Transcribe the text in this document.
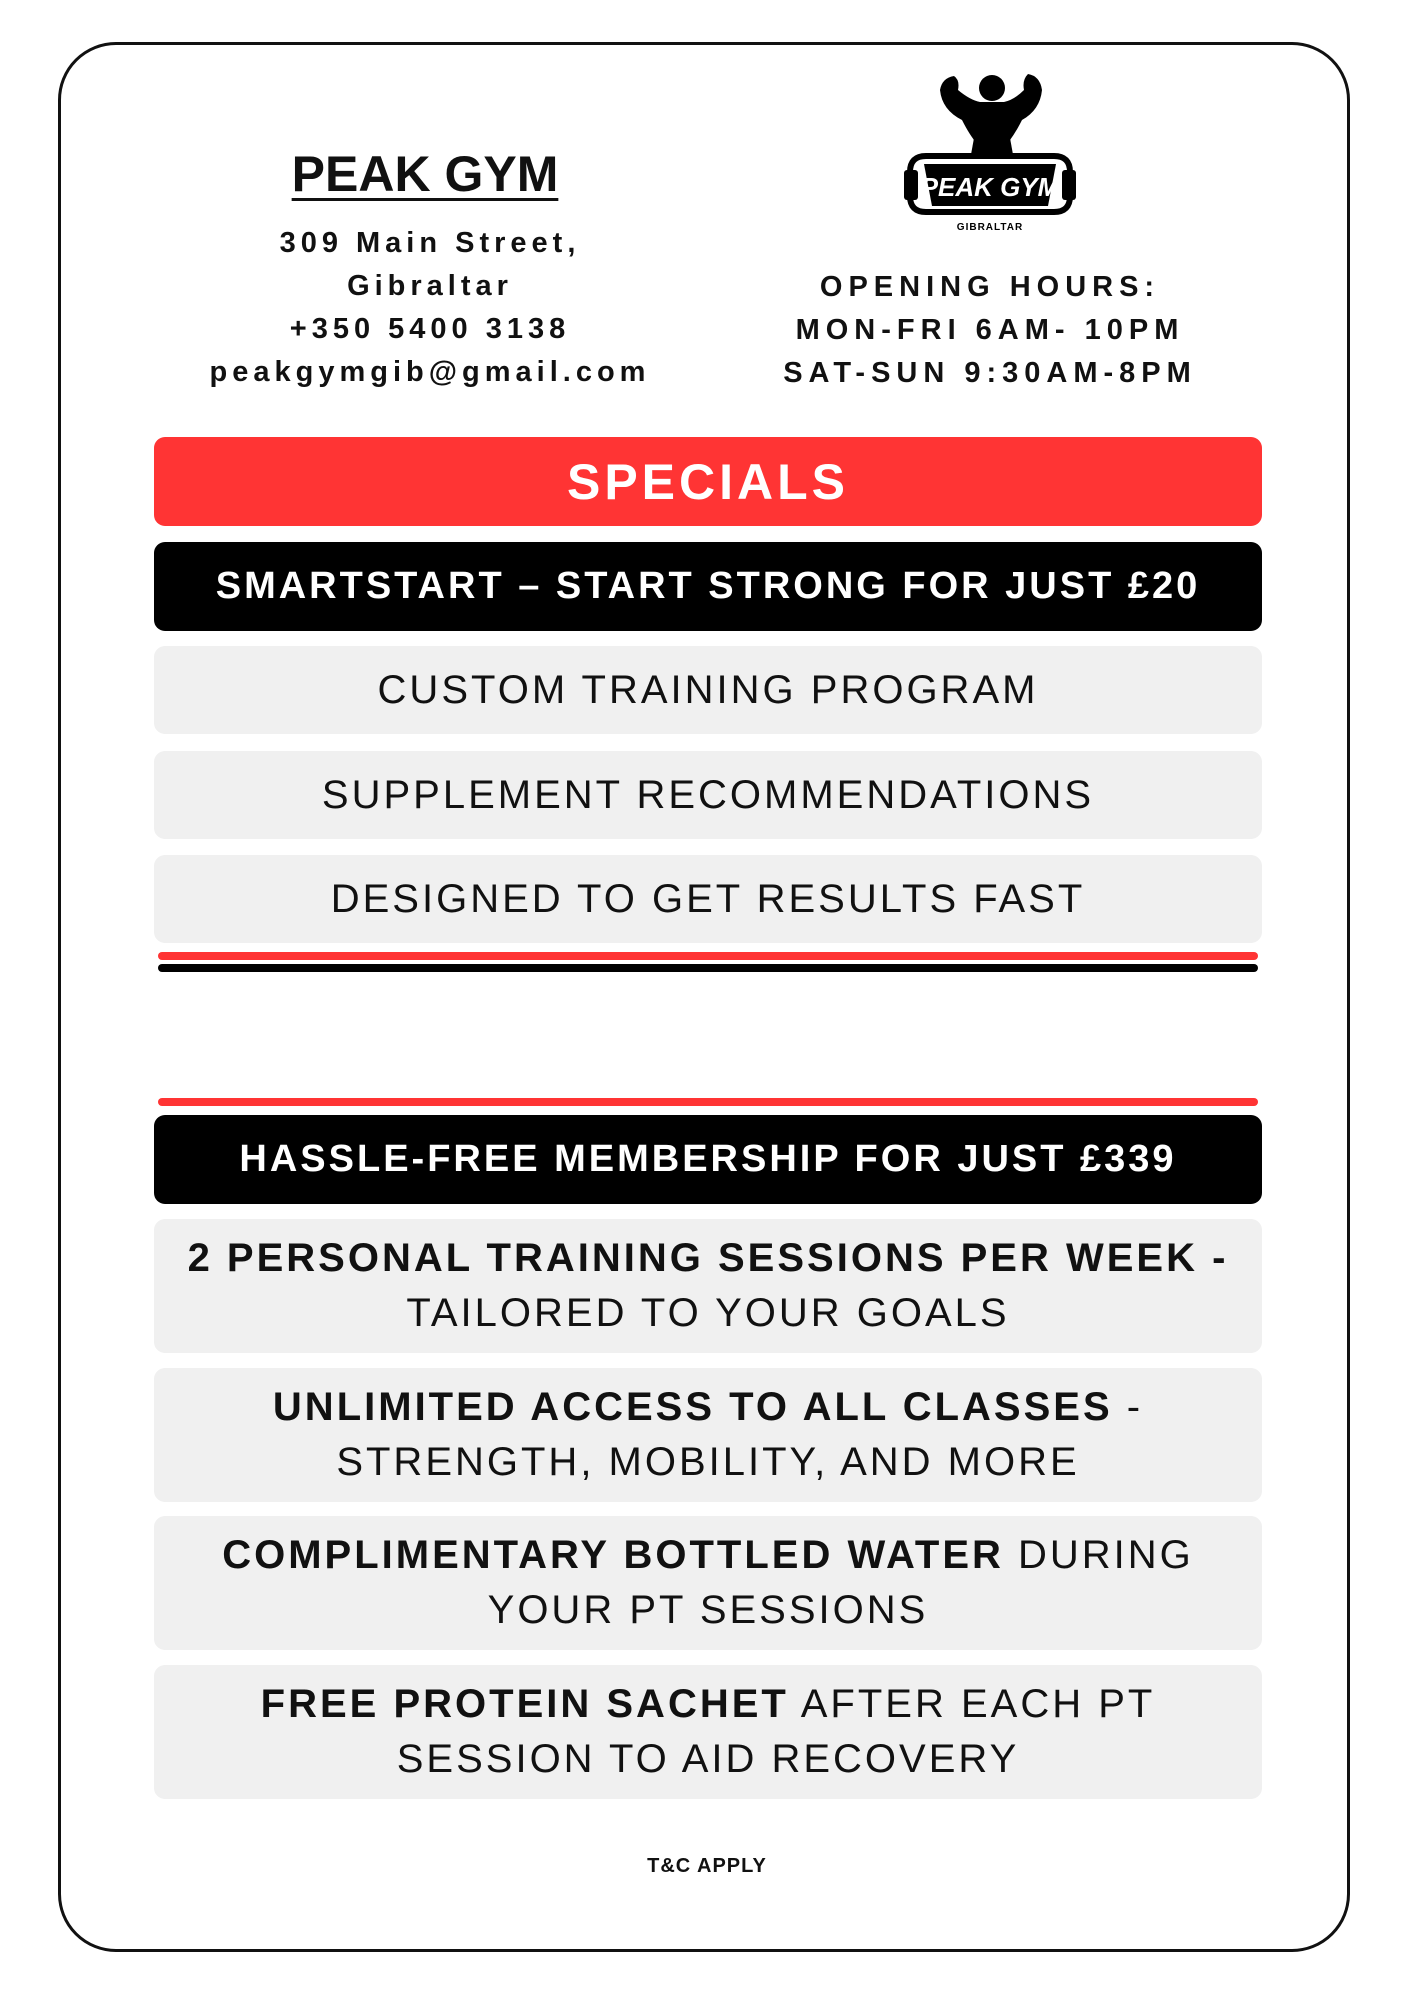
PEAK GYM
309 Main Street,
Gibraltar
+350 5400 3138
peakgymgib@gmail.com
PEAK GYM
GIBRALTAR
OPENING HOURS:
MON-FRI 6AM- 10PM
SAT-SUN 9:30AM-8PM
SPECIALS
SMARTSTART – START STRONG FOR JUST £20
CUSTOM TRAINING PROGRAM
SUPPLEMENT RECOMMENDATIONS
DESIGNED TO GET RESULTS FAST
HASSLE-FREE MEMBERSHIP FOR JUST £339
2 PERSONAL TRAINING SESSIONS PER WEEK -
TAILORED TO YOUR GOALS
UNLIMITED ACCESS TO ALL CLASSES -
STRENGTH, MOBILITY, AND MORE
COMPLIMENTARY BOTTLED WATER DURING
YOUR PT SESSIONS
FREE PROTEIN SACHET AFTER EACH PT
SESSION TO AID RECOVERY
T&C APPLY
